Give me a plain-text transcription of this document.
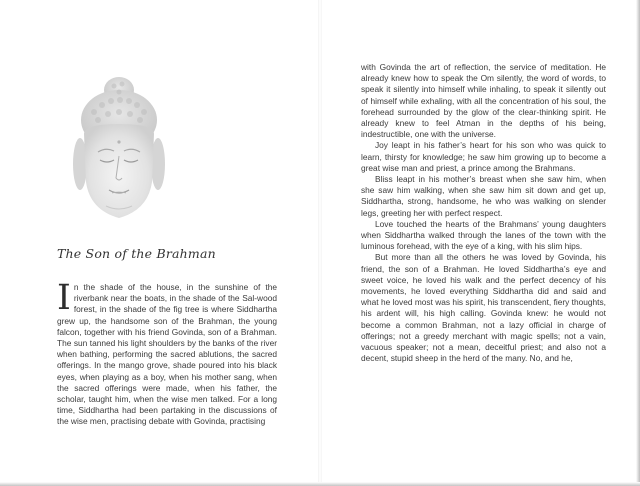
The Son of the Brahman

In the shade of the house, in the sunshine of the riverbank near the boats, in the shade of the Sal-wood forest, in the shade of the fig tree is where Siddhartha grew up, the handsome son of the Brahman, the young falcon, together with his friend Govinda, son of a Brahman. The sun tanned his light shoulders by the banks of the river when bathing, performing the sacred ablutions, the sacred offerings. In the mango grove, shade poured into his black eyes, when playing as a boy, when his mother sang, when the sacred offerings were made, when his father, the scholar, taught him, when the wise men talked. For a long time, Siddhartha had been partaking in the discussions of the wise men, practising debate with Govinda, practising

with Govinda the art of reflection, the service of meditation. He already knew how to speak the Om silently, the word of words, to speak it silently into himself while inhaling, to speak it silently out of himself while exhaling, with all the concentration of his soul, the forehead surrounded by the glow of the clear-thinking spirit. He already knew to feel Atman in the depths of his being, indestructible, one with the universe.

Joy leapt in his father’s heart for his son who was quick to learn, thirsty for knowledge; he saw him growing up to become a great wise man and priest, a prince among the Brahmans.

Bliss leapt in his mother’s breast when she saw him, when she saw him walking, when she saw him sit down and get up, Siddhartha, strong, handsome, he who was walking on slender legs, greeting her with perfect respect.

Love touched the hearts of the Brahmans’ young daughters when Siddhartha walked through the lanes of the town with the luminous forehead, with the eye of a king, with his slim hips.

But more than all the others he was loved by Govinda, his friend, the son of a Brahman. He loved Siddhartha’s eye and sweet voice, he loved his walk and the perfect decency of his movements, he loved everything Siddhartha did and said and what he loved most was his spirit, his transcendent, fiery thoughts, his ardent will, his high calling. Govinda knew: he would not become a common Brahman, not a lazy official in charge of offerings; not a greedy merchant with magic spells; not a vain, vacuous speaker; not a mean, deceitful priest; and also not a decent, stupid sheep in the herd of the many. No, and he,
